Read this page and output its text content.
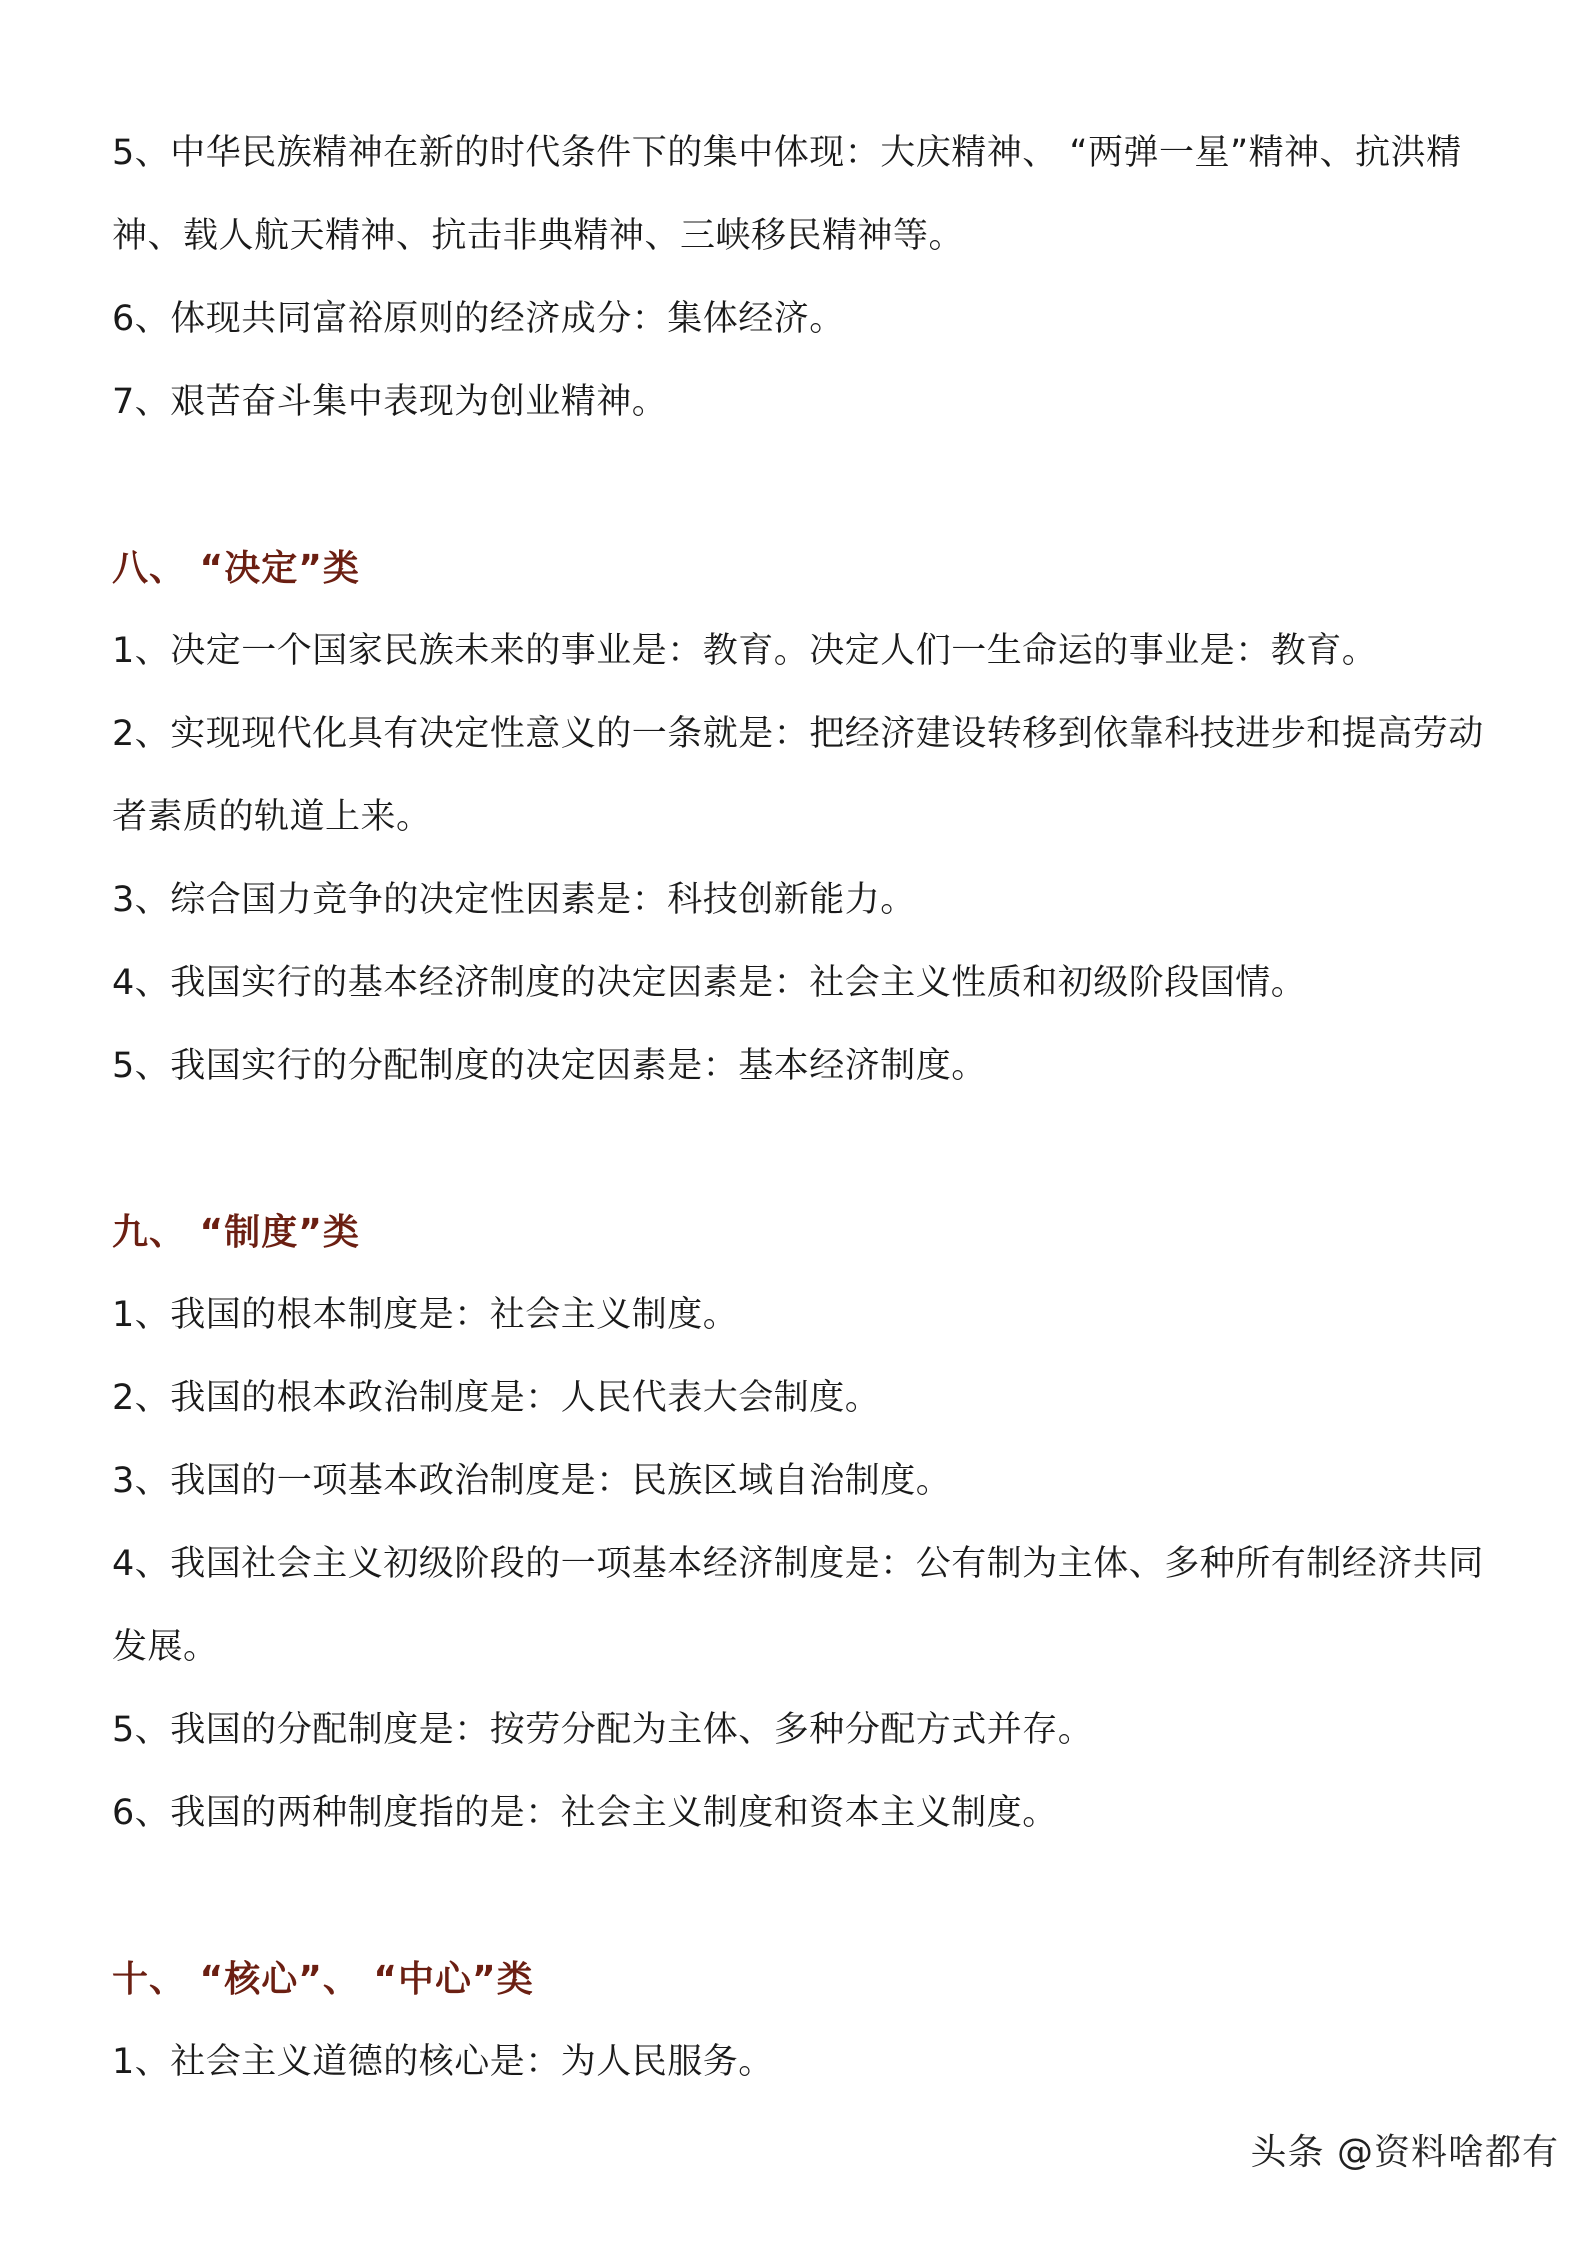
5、中华民族精神在新的时代条件下的集中体现：大庆精神、 “两弹一星”精神、抗洪精神、载人航天精神、抗击非典精神、三峡移民精神等。

6、体现共同富裕原则的经济成分：集体经济。

7、艰苦奋斗集中表现为创业精神。

八、 “决定”类

1、决定一个国家民族未来的事业是：教育。决定人们一生命运的事业是：教育。

2、实现现代化具有决定性意义的一条就是：把经济建设转移到依靠科技进步和提高劳动者素质的轨道上来。

3、综合国力竞争的决定性因素是：科技创新能力。

4、我国实行的基本经济制度的决定因素是：社会主义性质和初级阶段国情。

5、我国实行的分配制度的决定因素是：基本经济制度。

九、 “制度”类

1、我国的根本制度是：社会主义制度。

2、我国的根本政治制度是：人民代表大会制度。

3、我国的一项基本政治制度是：民族区域自治制度。

4、我国社会主义初级阶段的一项基本经济制度是：公有制为主体、多种所有制经济共同发展。

5、我国的分配制度是：按劳分配为主体、多种分配方式并存。

6、我国的两种制度指的是：社会主义制度和资本主义制度。

十、 “核心”、 “中心”类

1、社会主义道德的核心是：为人民服务。

头条 @资料啥都有
